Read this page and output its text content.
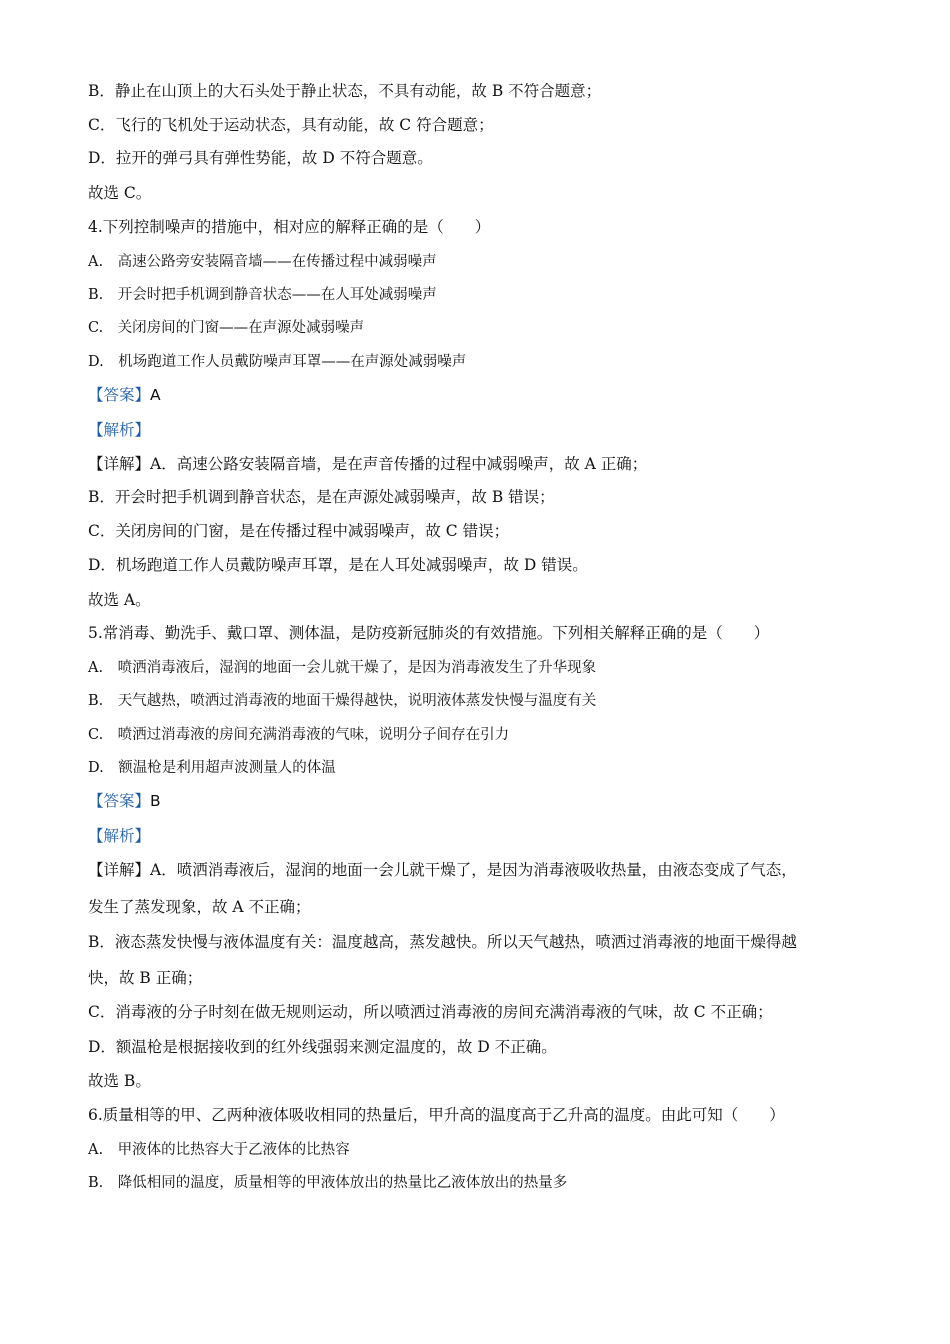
B．静止在山顶上的大石头处于静止状态，不具有动能，故 B 不符合题意；
C．飞行的飞机处于运动状态，具有动能，故 C 符合题意；
D．拉开的弹弓具有弹性势能，故 D 不符合题意。
故选 C。
4.下列控制噪声的措施中，相对应的解释正确的是（　　）
A.　高速公路旁安装隔音墙——在传播过程中减弱噪声
B.　开会时把手机调到静音状态——在人耳处减弱噪声
C.　关闭房间的门窗——在声源处减弱噪声
D.　机场跑道工作人员戴防噪声耳罩——在声源处减弱噪声
【答案】A
【解析】
【详解】A．高速公路安装隔音墙，是在声音传播的过程中减弱噪声，故 A 正确；
B．开会时把手机调到静音状态，是在声源处减弱噪声，故 B 错误；
C．关闭房间的门窗，是在传播过程中减弱噪声，故 C 错误；
D．机场跑道工作人员戴防噪声耳罩，是在人耳处减弱噪声，故 D 错误。
故选 A。
5.常消毒、勤洗手、戴口罩、测体温，是防疫新冠肺炎的有效措施。下列相关解释正确的是（　　）
A.　喷洒消毒液后，湿润的地面一会儿就干燥了，是因为消毒液发生了升华现象
B.　天气越热，喷洒过消毒液的地面干燥得越快，说明液体蒸发快慢与温度有关
C.　喷洒过消毒液的房间充满消毒液的气味，说明分子间存在引力
D.　额温枪是利用超声波测量人的体温
【答案】B
【解析】
【详解】A．喷洒消毒液后，湿润的地面一会儿就干燥了，是因为消毒液吸收热量，由液态变成了气态，
发生了蒸发现象，故 A 不正确；
B．液态蒸发快慢与液体温度有关：温度越高，蒸发越快。所以天气越热，喷洒过消毒液的地面干燥得越
快，故 B 正确；
C．消毒液的分子时刻在做无规则运动，所以喷洒过消毒液的房间充满消毒液的气味，故 C 不正确；
D．额温枪是根据接收到的红外线强弱来测定温度的，故 D 不正确。
故选 B。
6.质量相等的甲、乙两种液体吸收相同的热量后，甲升高的温度高于乙升高的温度。由此可知（　　）
A.　甲液体的比热容大于乙液体的比热容
B.　降低相同的温度，质量相等的甲液体放出的热量比乙液体放出的热量多
